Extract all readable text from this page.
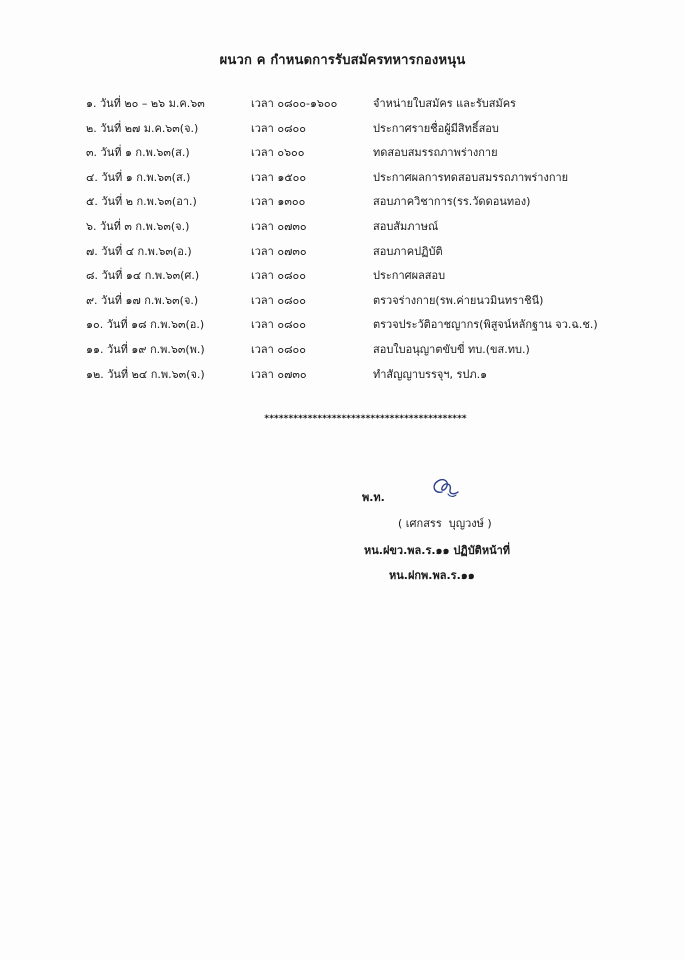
ผนวก ค กำหนดการรับสมัครทหารกองหนุน
๑. วันที่ ๒๐ – ๒๖ ม.ค.๖๓	เวลา ๐๘๐๐-๑๖๐๐	จำหน่ายใบสมัคร และรับสมัคร
๒. วันที่ ๒๗ ม.ค.๖๓(จ.)	เวลา ๐๘๐๐	ประกาศรายชื่อผู้มีสิทธิ์สอบ
๓. วันที่ ๑ ก.พ.๖๓(ส.)	เวลา ๐๖๐๐	ทดสอบสมรรถภาพร่างกาย
๔. วันที่ ๑ ก.พ.๖๓(ส.)	เวลา ๑๕๐๐	ประกาศผลการทดสอบสมรรถภาพร่างกาย
๕. วันที่ ๒ ก.พ.๖๓(อา.)	เวลา ๑๓๐๐	สอบภาควิชาการ(รร.วัดดอนทอง)
๖. วันที่ ๓ ก.พ.๖๓(จ.)	เวลา ๐๗๓๐	สอบสัมภาษณ์
๗. วันที่ ๔ ก.พ.๖๓(อ.)	เวลา ๐๗๓๐	สอบภาคปฏิบัติ
๘. วันที่ ๑๔ ก.พ.๖๓(ศ.)	เวลา ๐๘๐๐	ประกาศผลสอบ
๙. วันที่ ๑๗ ก.พ.๖๓(จ.)	เวลา ๐๘๐๐	ตรวจร่างกาย(รพ.ค่ายนวมินทราชินี)
๑๐. วันที่ ๑๘ ก.พ.๖๓(อ.)	เวลา ๐๘๐๐	ตรวจประวัติอาชญากร(พิสูจน์หลักฐาน จว.ฉ.ช.)
๑๑. วันที่ ๑๙ ก.พ.๖๓(พ.)	เวลา ๐๘๐๐	สอบใบอนุญาตขับขี่ ทบ.(ขส.ทบ.)
๑๒. วันที่ ๒๔ ก.พ.๖๓(จ.)	เวลา ๐๗๓๐	ทำสัญญาบรรจุฯ, รปภ.๑
******************************************
พ.ท.
( เศกสรร  บุญวงษ์ )
หน.ฝขว.พล.ร.๑๑ ปฏิบัติหน้าที่
หน.ฝกพ.พล.ร.๑๑
